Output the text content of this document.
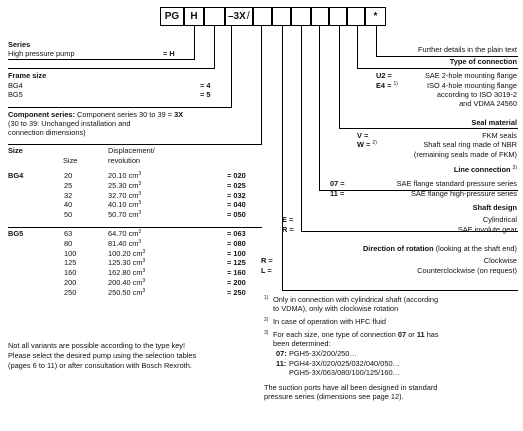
PG	H	–3X/	*
Series
High pressure pump	= H
Frame size
BG4	= 4
BG5	= 5
Component series: Component series 30 to 39 = 3X
(30 to 39: Unchanged installation and
connection dimensions)
Size
Size
Displacement/
revolution
BG4	20	20.10 $cm^3$	= 020
25	25.30 $cm^3$	= 025
32	32.70 $cm^3$	= 032
40	40.10 $cm^3$	= 040
50	50.70 $cm^3$	= 050
BG5	63	64.70 $cm^3$	= 063
80	81.40 $cm^3$	= 080
100	100.20 $cm^3$	= 100
125	125.30 $cm^3$	= 125
160	162.80 $cm^3$	= 160
200	200.40 $cm^3$	= 200
250	250.50 $cm^3$	= 250
Not all variants are possible according to the type key!
Please select the desired pump using the selection tables
(pages 6 to 11) or after consultation with Bosch Rexroth.
Further details in the plain text
Type of connection
U2 =	SAE 2-hole mounting flange
E4 = $^{1)}$	ISO 4-hole mounting flange
according to ISO 3019-2
and VDMA 24560
Seal material
V =	FKM seals
W = $^{2)}$	Shaft seal ring made of NBR
(remaining seals made of FKM)
Line connection $^{3)}$
07 =	SAE flange standard pressure series
11 =	SAE flange high-pressure series
Shaft design
E =	Cylindrical
R =	SAE involute gear
Direction of rotation (looking at the shaft end)
R =	Clockwise
L =	Counterclockwise (on request)
$^{1)}$ Only in connection with cylindrical shaft (according
to VDMA), only with clockwise rotation
$^{2)}$ In case of operation with HFC fluid
$^{3)}$ For each size, one type of connection 07 or 11 has
been determined:
07: PGH5-3X/200/250…
11: PGH4-3X/020/025/032/040/050…
PGH5-3X/063/080/100/125/160…
The suction ports have all been designed in standard
pressure series (dimensions see page 12).
